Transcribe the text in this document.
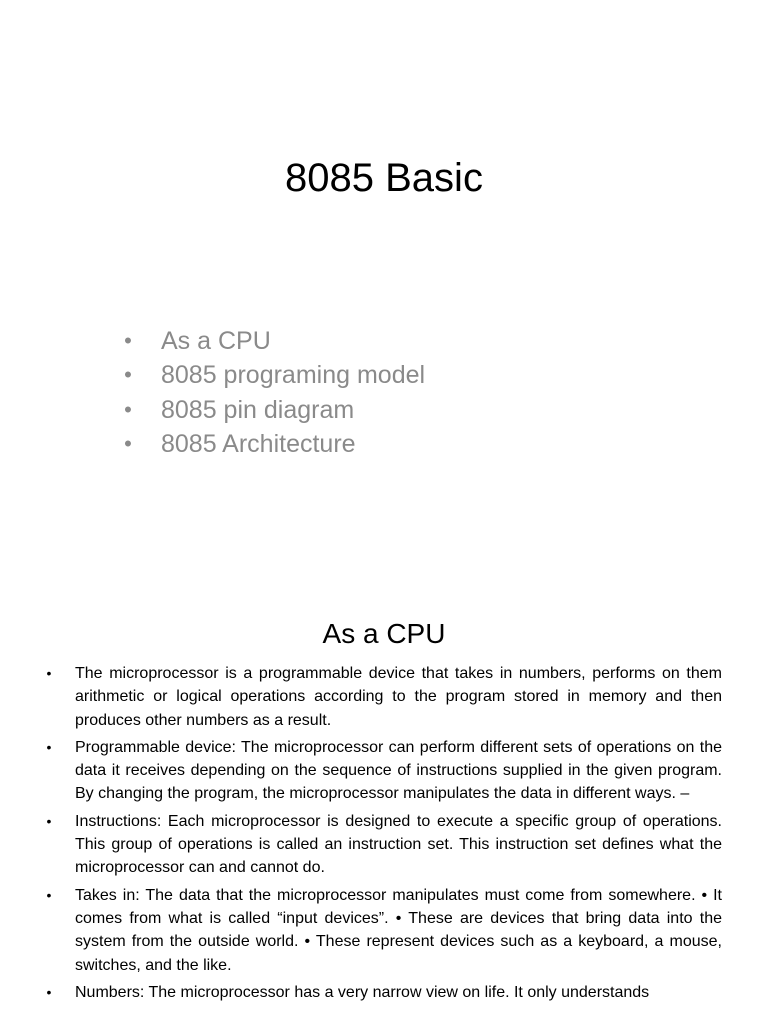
8085 Basic
• As a CPU
• 8085 programing model
• 8085 pin diagram
• 8085 Architecture
As a CPU
• The microprocessor is a programmable device that takes in numbers, performs on them arithmetic or logical operations according to the program stored in memory and then produces other numbers as a result.
• Programmable device: The microprocessor can perform different sets of operations on the data it receives depending on the sequence of instructions supplied in the given program. By changing the program, the microprocessor manipulates the data in different ways. –
• Instructions: Each microprocessor is designed to execute a specific group of operations. This group of operations is called an instruction set. This instruction set defines what the microprocessor can and cannot do.
• Takes in: The data that the microprocessor manipulates must come from somewhere. • It comes from what is called “input devices”. • These are devices that bring data into the system from the outside world. • These represent devices such as a keyboard, a mouse, switches, and the like.
• Numbers: The microprocessor has a very narrow view on life. It only understands
